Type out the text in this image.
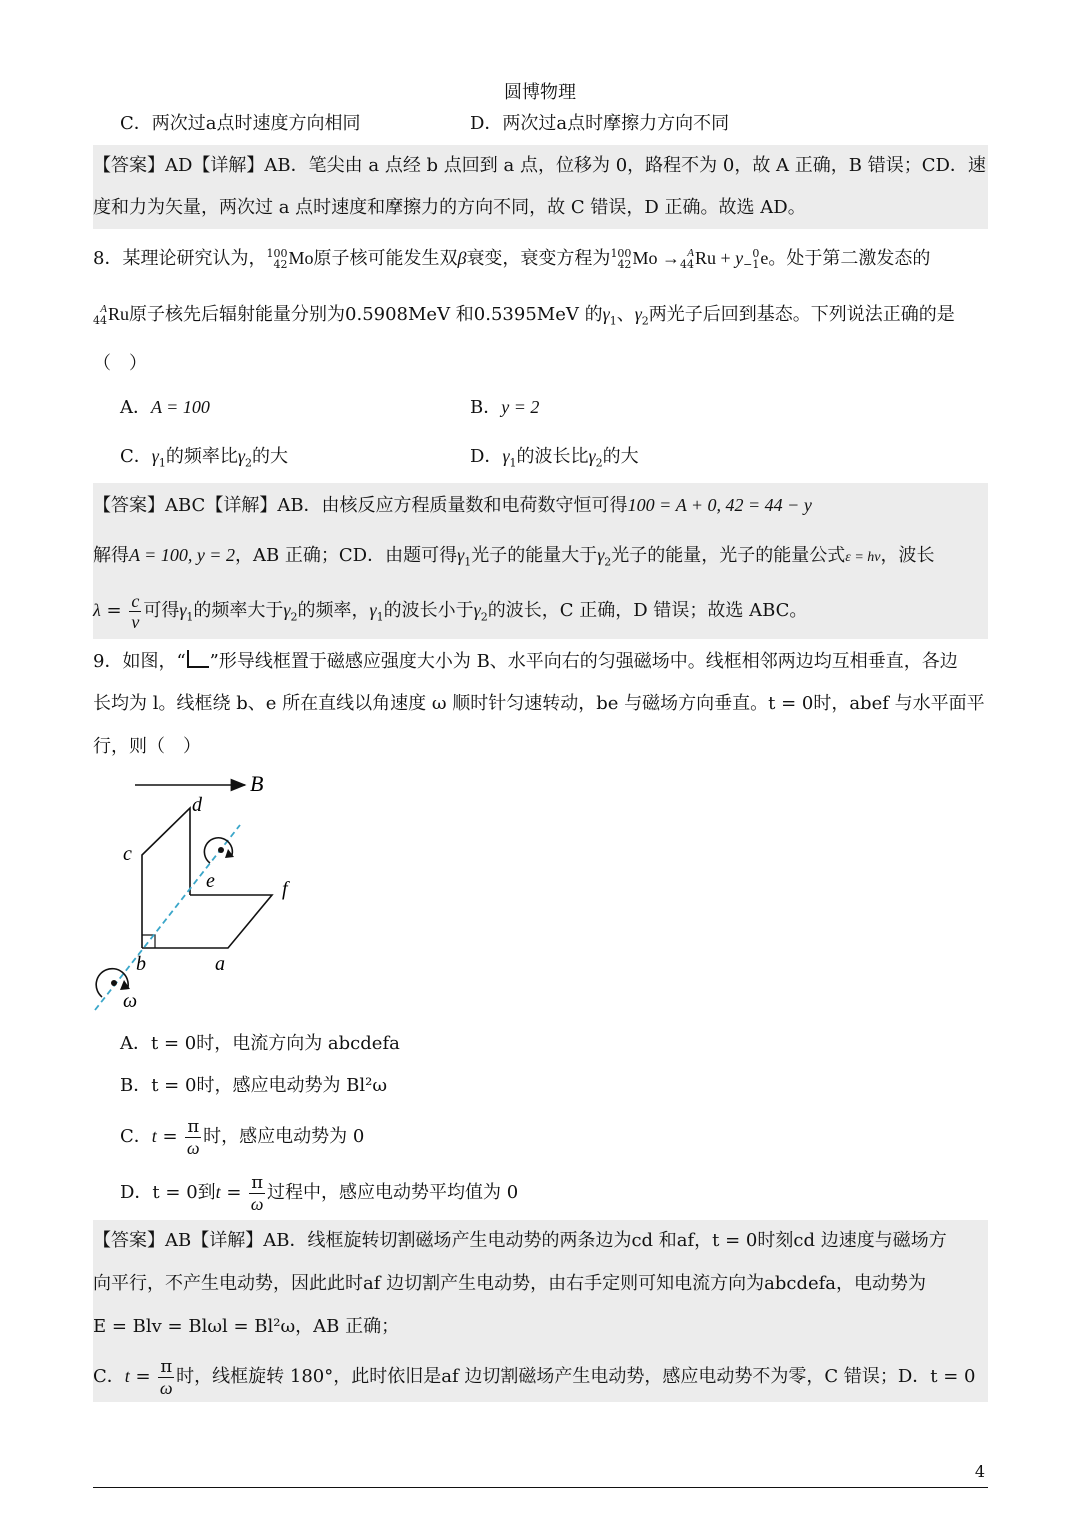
圆博物理
C．两次过a点时速度方向相同	D．两次过a点时摩擦力方向不同
【答案】AD【详解】AB．笔尖由 a 点经 b 点回到 a 点，位移为 0，路程不为 0，故 A 正确，B 错误；CD．速
度和力为矢量，两次过 a 点时速度和摩擦力的方向不同，故 C 错误，D 正确。故选 AD。
8．某理论研究认为， 100
42 Mo原子核可能发生双β衰变，衰变方程为 100
42 Mo → A
44 Ru + y 0
−1 e。处于第二激发态的
A
44 Ru原子核先后辐射能量分别为0.5908MeV 和0.5395MeV 的$\gamma_1$、$\gamma_2$两光子后回到基态。下列说法正确的是
（　）
A．A = 100	B．y = 2
C．$\gamma_1$的频率比$\gamma_2$的大	D．$\gamma_1$的波长比$\gamma_2$的大
【答案】ABC【详解】AB．由核反应方程质量数和电荷数守恒可得100 = A + 0, 42 = 44 − y
解得A = 100, y = 2，AB 正确；CD．由题可得$\gamma_1$光子的能量大于$\gamma_2$光子的能量，光子的能量公式ε = hν，波长
$\lambda = \frac{c}{\nu}$ 可得$\gamma_1$的频率大于$\gamma_2$的频率，$\gamma_1$的波长小于$\gamma_2$的波长，C 正确，D 错误；故选 ABC。
9．如图，“ ”形导线框置于磁感应强度大小为 B、水平向右的匀强磁场中。线框相邻两边均互相垂直，各边
长均为 l。线框绕 b、e 所在直线以角速度 ω 顺时针匀速转动，be 与磁场方向垂直。t = 0时，abef 与水平面平
行，则（　）
B
d
c
e	f
b	a
ω
A．t = 0时，电流方向为 abcdefa
B．t = 0时，感应电动势为 Bl²ω
C．$t = \frac{\pi}{\omega}$ 时，感应电动势为 0
D．t = 0到$t = \frac{\pi}{\omega}$ 过程中，感应电动势平均值为 0
【答案】AB【详解】AB．线框旋转切割磁场产生电动势的两条边为cd 和af，t = 0时刻cd 边速度与磁场方
向平行，不产生电动势，因此此时af 边切割产生电动势，由右手定则可知电流方向为abcdefa，电动势为
E = Blv = Blωl = Bl²ω，AB 正确；
C．$t = \frac{\pi}{\omega}$ 时，线框旋转 180°，此时依旧是af 边切割磁场产生电动势，感应电动势不为零，C 错误；D．t = 0
4
